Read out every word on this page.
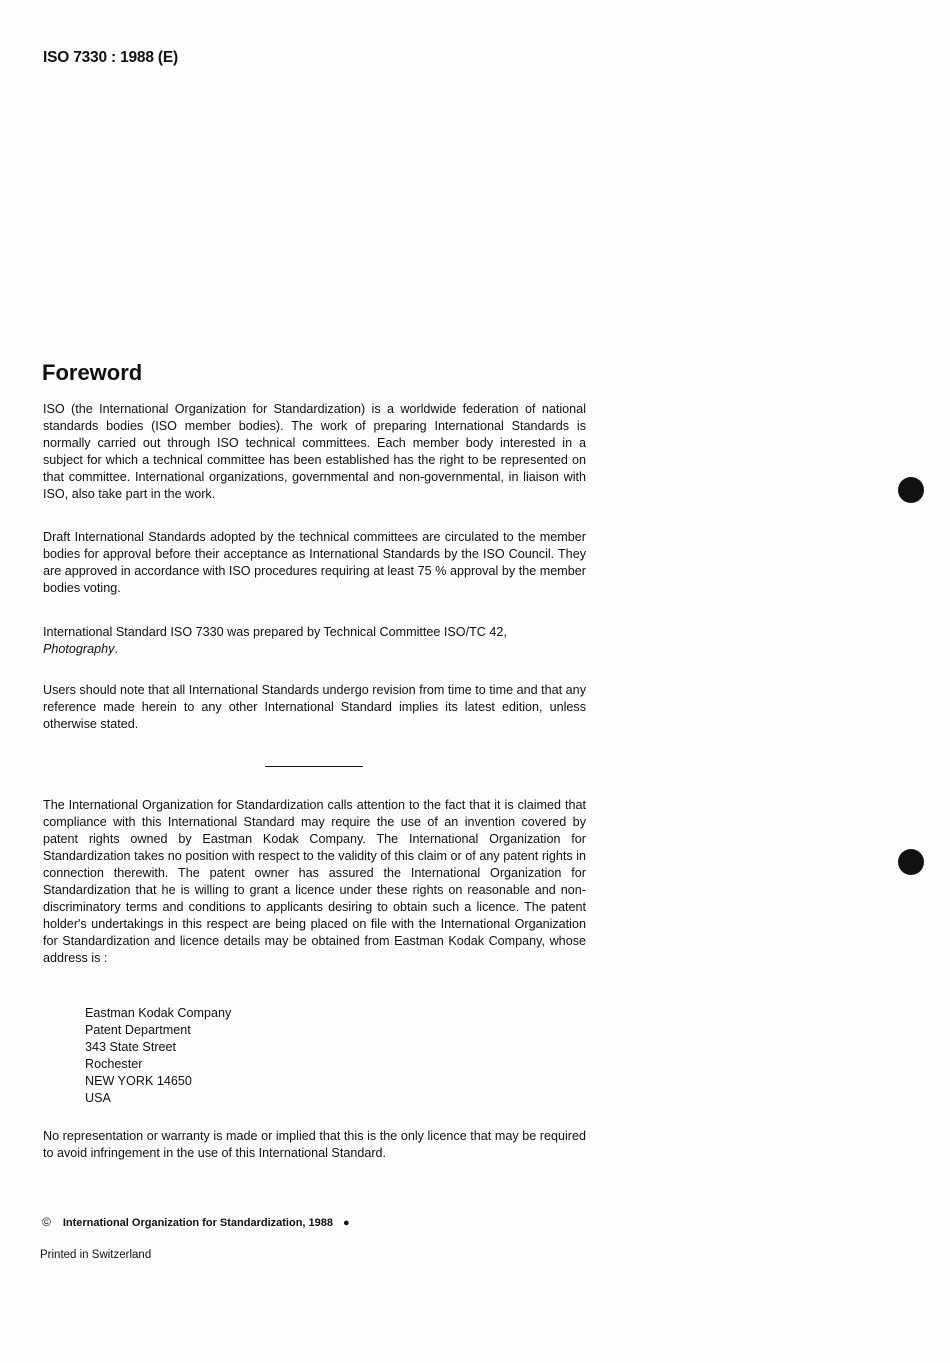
ISO 7330 : 1988 (E)
Foreword

ISO (the International Organization for Standardization) is a worldwide federation of national standards bodies (ISO member bodies). The work of preparing International Standards is normally carried out through ISO technical committees. Each member body interested in a subject for which a technical committee has been established has the right to be represented on that committee. International organizations, governmental and non-governmental, in liaison with ISO, also take part in the work.

Draft International Standards adopted by the technical committees are circulated to the member bodies for approval before their acceptance as International Standards by the ISO Council. They are approved in accordance with ISO procedures requiring at least 75 % approval by the member bodies voting.

International Standard ISO 7330 was prepared by Technical Committee ISO/TC 42,
Photography.

Users should note that all International Standards undergo revision from time to time and that any reference made herein to any other International Standard implies its latest edition, unless otherwise stated.

The International Organization for Standardization calls attention to the fact that it is claimed that compliance with this International Standard may require the use of an invention covered by patent rights owned by Eastman Kodak Company. The International Organization for Standardization takes no position with respect to the validity of this claim or of any patent rights in connection therewith. The patent owner has assured the International Organization for Standardization that he is willing to grant a licence under these rights on reasonable and non-discriminatory terms and conditions to applicants desiring to obtain such a licence. The patent holder's undertakings in this respect are being placed on file with the International Organization for Standardization and licence details may be obtained from Eastman Kodak Company, whose address is :

Eastman Kodak Company
Patent Department
343 State Street
Rochester
NEW YORK 14650
USA

No representation or warranty is made or implied that this is the only licence that may be required to avoid infringement in the use of this International Standard.

© International Organization for Standardization, 1988 ●
Printed in Switzerland
